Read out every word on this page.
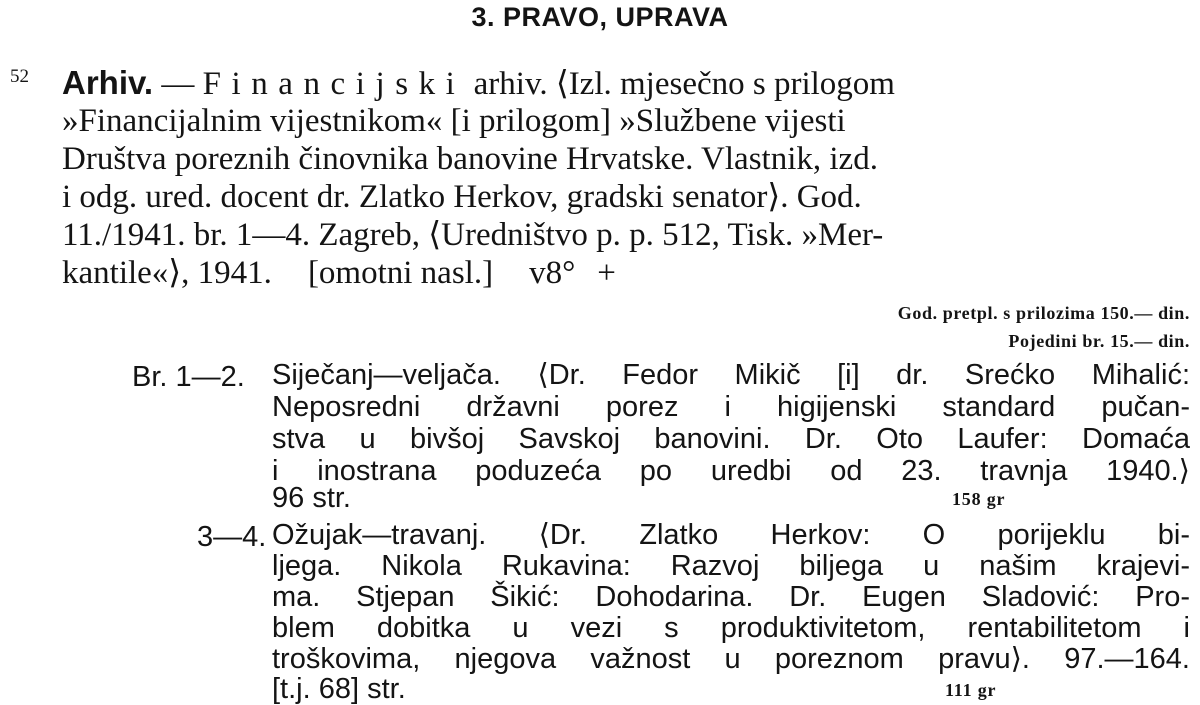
3. PRAVO, UPRAVA
52 Arhiv. — Financijski arhiv. ⟨Izl. mjesečno s prilogom
»Financijalnim vijestnikom« [i prilogom] »Službene vijesti
Društva poreznih činovnika banovine Hrvatske. Vlastnik, izd.
i odg. ured. docent dr. Zlatko Herkov, gradski senator⟩. God.
11./1941. br. 1—4. Zagreb, ⟨Uredništvo p. p. 512, Tisk. »Mer-
kantile«⟩, 1941. [omotni nasl.] v8° +
God. pretpl. s prilozima 150.— din.
Pojedini br. 15.— din.
Br. 1—2. Siječanj—veljača. ⟨Dr. Fedor Mikič [i] dr. Srećko Mihalić:
Neposredni državni porez i higijenski standard pučan-
stva u bivšoj Savskoj banovini. Dr. Oto Laufer: Domaća
i inostrana poduzeća po uredbi od 23. travnja 1940.⟩
96 str.	158 gr
3—4. Ožujak—travanj. ⟨Dr. Zlatko Herkov: O porijeklu bi-
ljega. Nikola Rukavina: Razvoj biljega u našim krajevi-
ma. Stjepan Šikić: Dohodarina. Dr. Eugen Sladović: Pro-
blem dobitka u vezi s produktivitetom, rentabilitetom i
troškovima, njegova važnost u poreznom pravu⟩. 97.—164.
[t.j. 68] str.	111 gr
